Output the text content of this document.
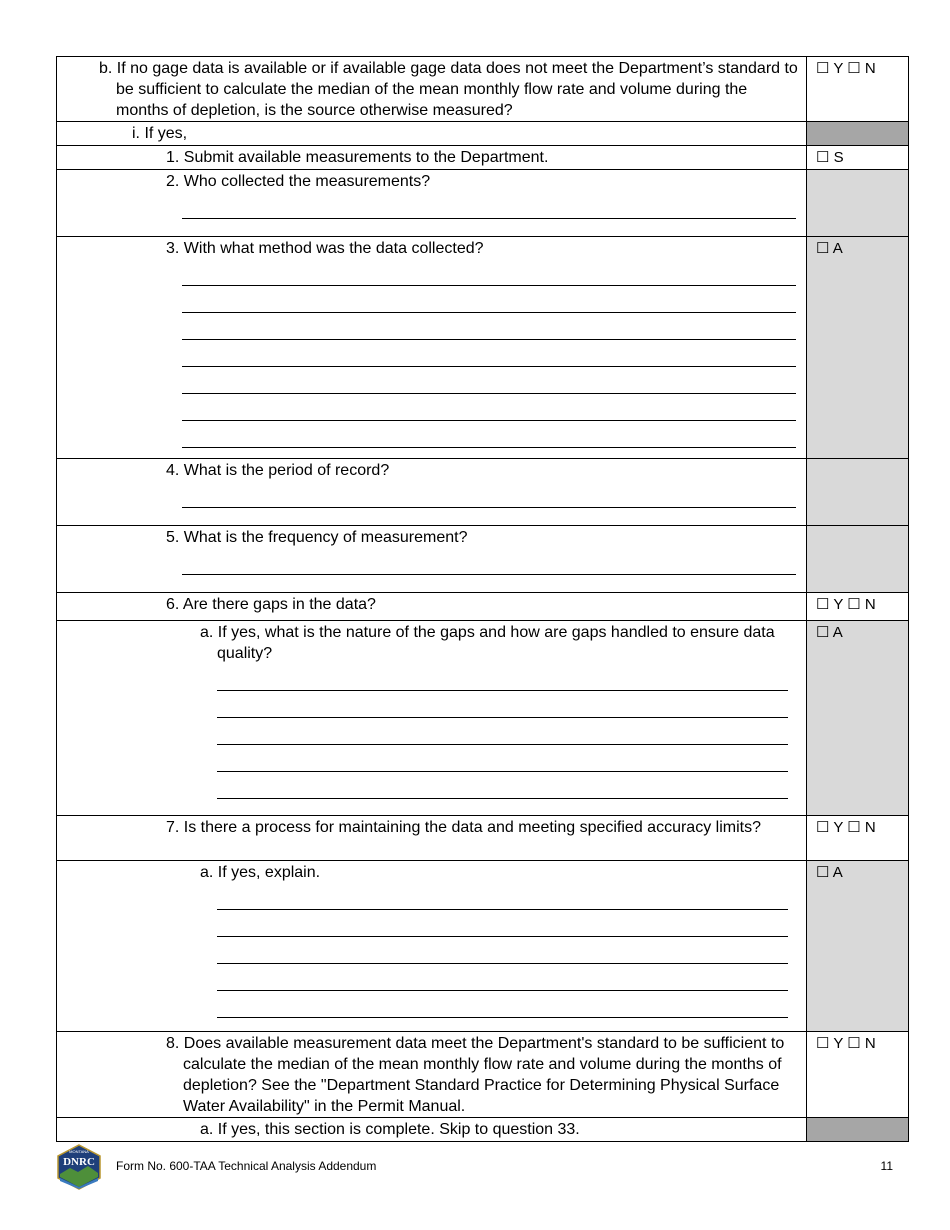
b. If no gage data is available or if available gage data does not meet the Department’s standard to be sufficient to calculate the median of the mean monthly flow rate and volume during the months of depletion, is the source otherwise measured?	☐ Y ☐ N

i. If yes,	

1. Submit available measurements to the Department.	☐ S

2. Who collected the measurements?	

3. With what method was the data collected?	☐ A

4. What is the period of record?	

5. What is the frequency of measurement?	

6. Are there gaps in the data?	☐ Y ☐ N

a. If yes, what is the nature of the gaps and how are gaps handled to ensure data quality?	☐ A

7. Is there a process for maintaining the data and meeting specified accuracy limits?	☐ Y ☐ N

a. If yes, explain.	☐ A

8. Does available measurement data meet the Department's standard to be sufficient to calculate the median of the mean monthly flow rate and volume during the months of depletion? See the "Department Standard Practice for Determining Physical Surface Water Availability" in the Permit Manual.	☐ Y ☐ N

a. If yes, this section is complete. Skip to question 33.	

MONTANA
DNRC Form No. 600-TAA Technical Analysis Addendum	11
